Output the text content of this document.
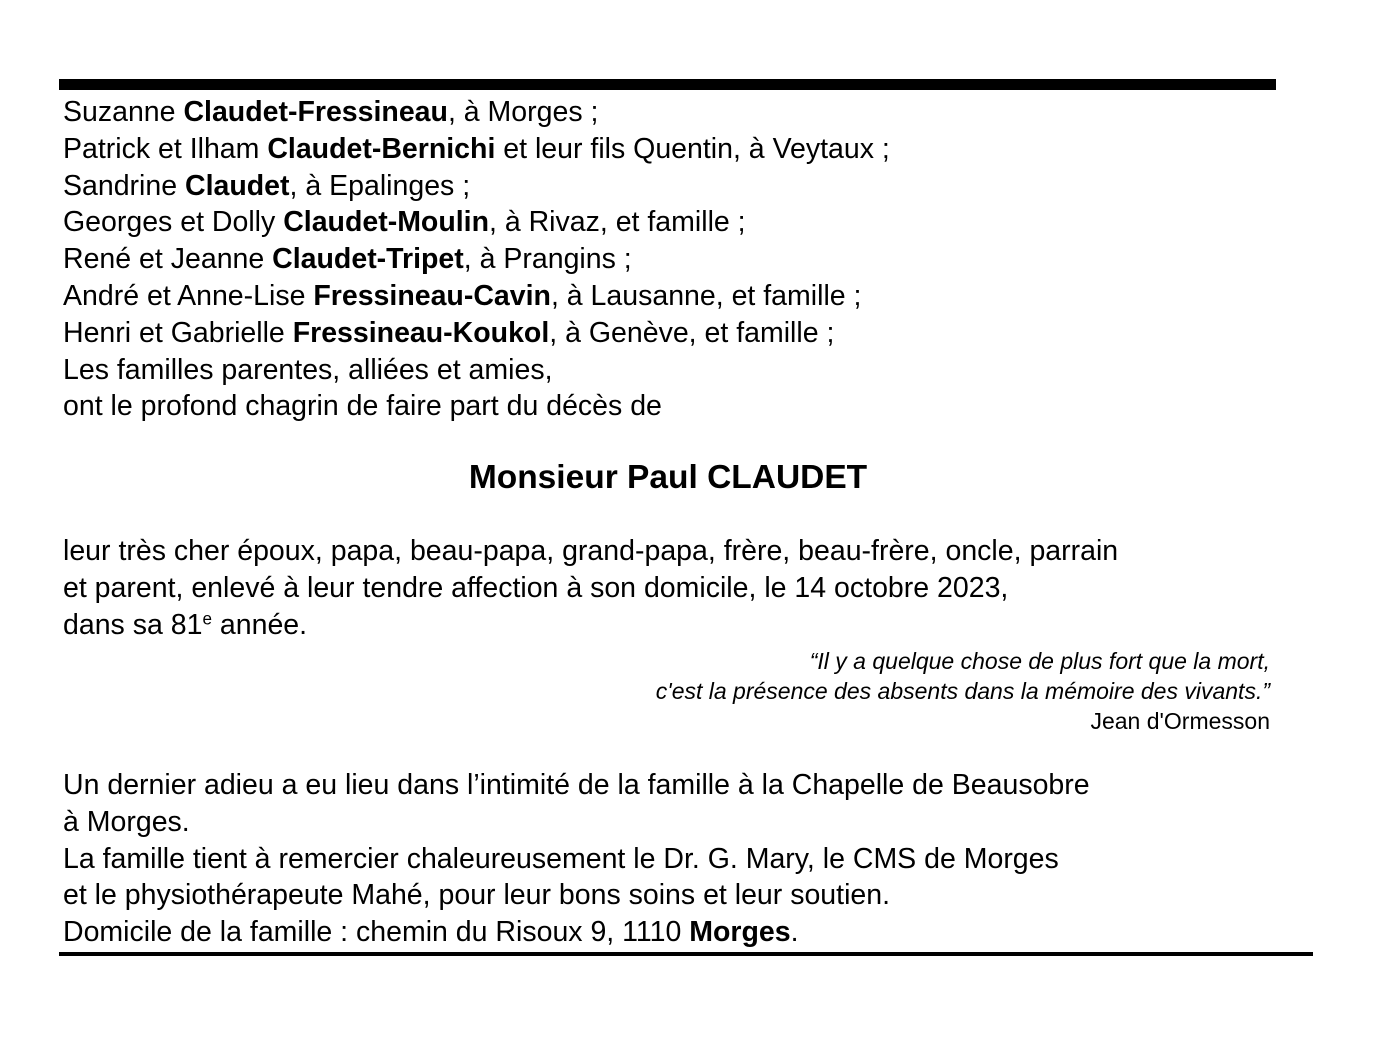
Suzanne Claudet-Fressineau, à Morges ;
Patrick et Ilham Claudet-Bernichi et leur fils Quentin, à Veytaux ;
Sandrine Claudet, à Epalinges ;
Georges et Dolly Claudet-Moulin, à Rivaz, et famille ;
René et Jeanne Claudet-Tripet, à Prangins ;
André et Anne-Lise Fressineau-Cavin, à Lausanne, et famille ;
Henri et Gabrielle Fressineau-Koukol, à Genève, et famille ;
Les familles parentes, alliées et amies,
ont le profond chagrin de faire part du décès de
Monsieur Paul CLAUDET
leur très cher époux, papa, beau-papa, grand-papa, frère, beau-frère, oncle, parrain
et parent, enlevé à leur tendre affection à son domicile, le 14 octobre 2023,
dans sa 81e année.
“Il y a quelque chose de plus fort que la mort,
c'est la présence des absents dans la mémoire des vivants.”
Jean d'Ormesson
Un dernier adieu a eu lieu dans l’intimité de la famille à la Chapelle de Beausobre
à Morges.
La famille tient à remercier chaleureusement le Dr. G. Mary, le CMS de Morges
et le physiothérapeute Mahé, pour leur bons soins et leur soutien.
Domicile de la famille : chemin du Risoux 9, 1110 Morges.
